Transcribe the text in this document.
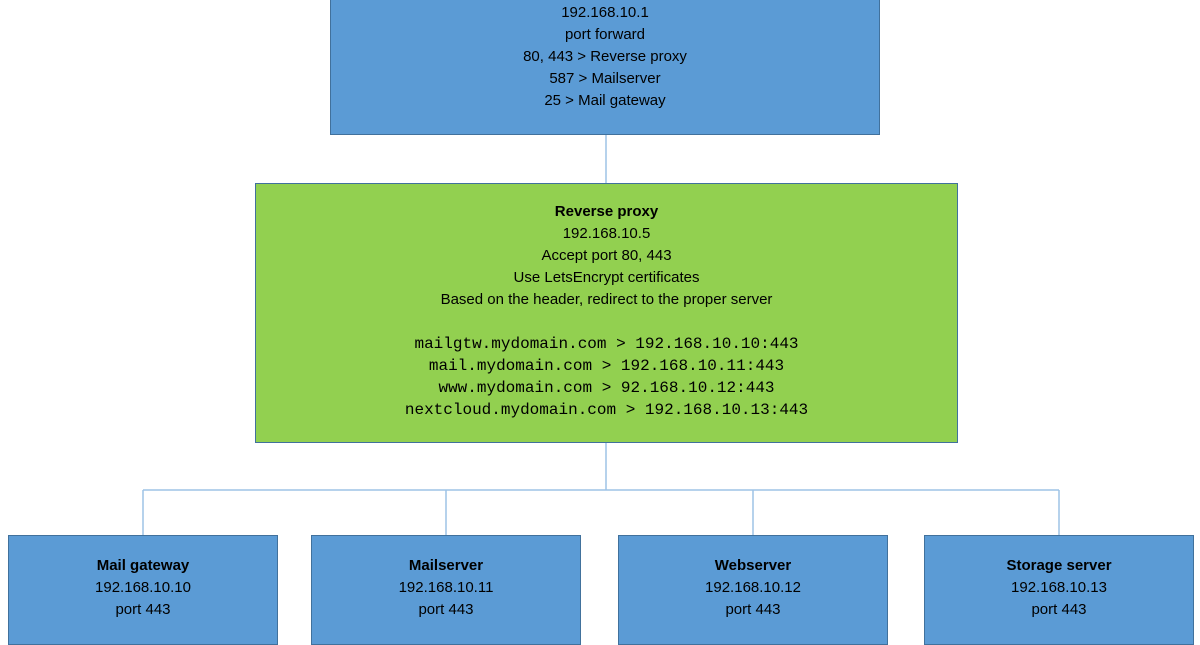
192.168.10.1
port forward
80, 443 > Reverse proxy
587 > Mailserver
25 > Mail gateway
Reverse proxy
192.168.10.5
Accept port 80, 443
Use LetsEncrypt certificates
Based on the header, redirect to the proper server
mailgtw.mydomain.com > 192.168.10.10:443
mail.mydomain.com > 192.168.10.11:443
www.mydomain.com > 92.168.10.12:443
nextcloud.mydomain.com > 192.168.10.13:443
Mail gateway
192.168.10.10
port 443
Mailserver
192.168.10.11
port 443
Webserver
192.168.10.12
port 443
Storage server
192.168.10.13
port 443
